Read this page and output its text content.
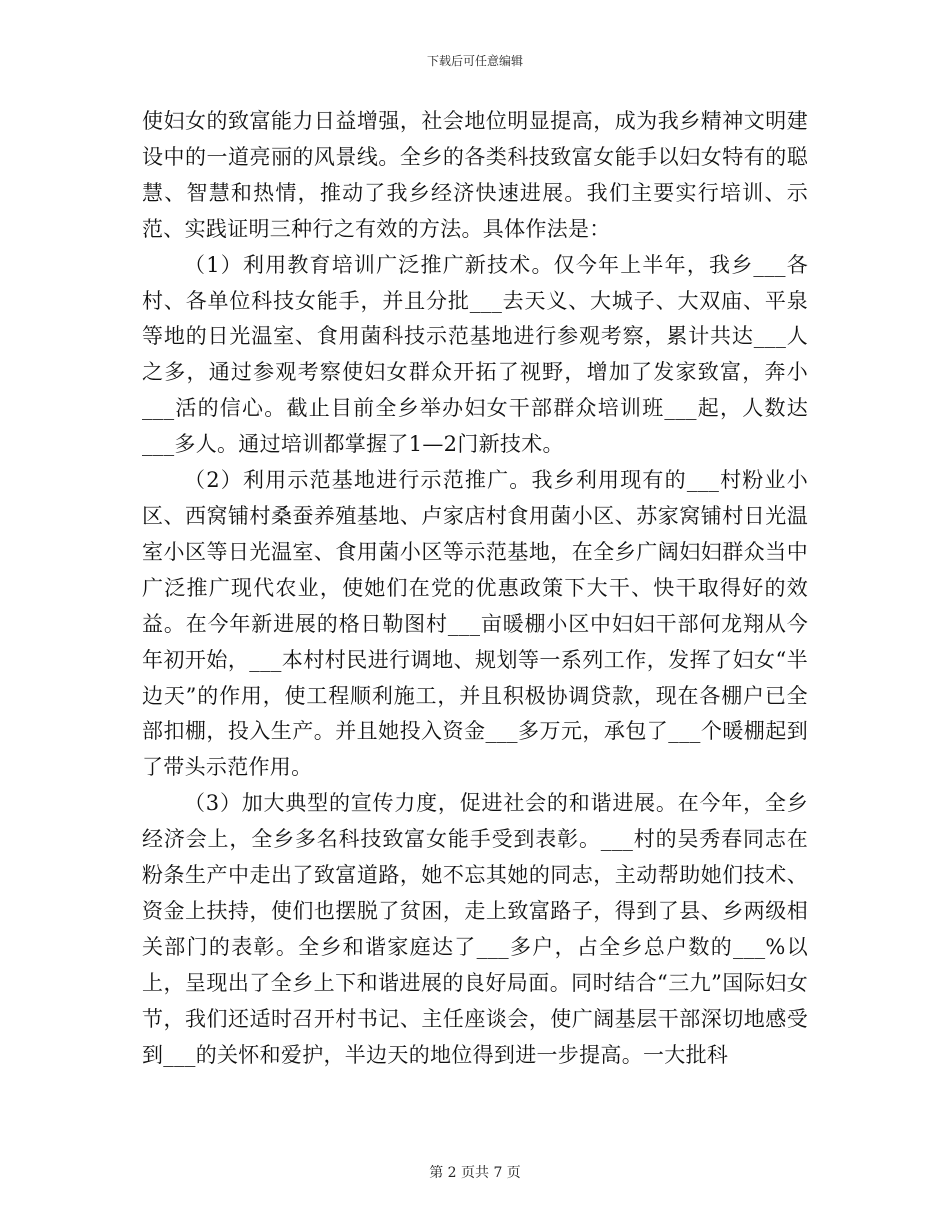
下载后可任意编辑

使妇女的致富能力日益增强，社会地位明显提高，成为我乡精神文明建设中的一道亮丽的风景线。全乡的各类科技致富女能手以妇女特有的聪慧、智慧和热情，推动了我乡经济快速进展。我们主要实行培训、示范、实践证明三种行之有效的方法。具体作法是：

（1）利用教育培训广泛推广新技术。仅今年上半年，我乡___各村、各单位科技女能手，并且分批___去天义、大城子、大双庙、平泉等地的日光温室、食用菌科技示范基地进行参观考察，累计共达___人之多，通过参观考察使妇女群众开拓了视野，增加了发家致富，奔小___活的信心。截止目前全乡举办妇女干部群众培训班___起，人数达___多人。通过培训都掌握了1—2门新技术。

（2）利用示范基地进行示范推广。我乡利用现有的___村粉业小区、西窝铺村桑蚕养殖基地、卢家店村食用菌小区、苏家窝铺村日光温室小区等日光温室、食用菌小区等示范基地，在全乡广阔妇妇群众当中广泛推广现代农业，使她们在党的优惠政策下大干、快干取得好的效益。在今年新进展的格日勒图村___亩暖棚小区中妇妇干部何龙翔从今年初开始，___本村村民进行调地、规划等一系列工作，发挥了妇女“半边天”的作用，使工程顺利施工，并且积极协调贷款，现在各棚户已全部扣棚，投入生产。并且她投入资金___多万元，承包了___个暖棚起到了带头示范作用。

（3）加大典型的宣传力度，促进社会的和谐进展。在今年，全乡经济会上，全乡多名科技致富女能手受到表彰。___村的吴秀春同志在粉条生产中走出了致富道路，她不忘其她的同志，主动帮助她们技术、资金上扶持，使们也摆脱了贫困，走上致富路子，得到了县、乡两级相关部门的表彰。全乡和谐家庭达了___多户，占全乡总户数的___%以上，呈现出了全乡上下和谐进展的良好局面。同时结合“三九”国际妇女节，我们还适时召开村书记、主任座谈会，使广阔基层干部深切地感受到___的关怀和爱护，半边天的地位得到进一步提高。一大批科

第 2 页共 7 页
